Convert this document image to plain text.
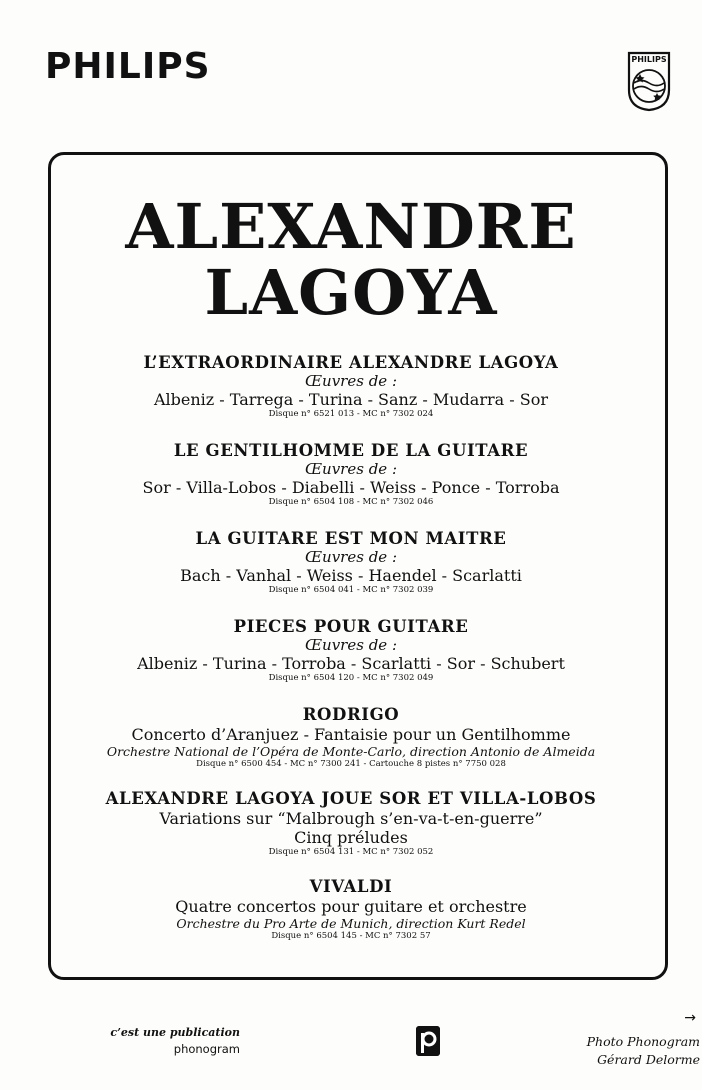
PHILIPS	PHILIPS
ALEXANDRE
LAGOYA
L’EXTRAORDINAIRE ALEXANDRE LAGOYA
Œuvres de :
Albeniz - Tarrega - Turina - Sanz - Mudarra - Sor
Disque n° 6521 013 - MC n° 7302 024
LE GENTILHOMME DE LA GUITARE
Œuvres de :
Sor - Villa-Lobos - Diabelli - Weiss - Ponce - Torroba
Disque n° 6504 108 - MC n° 7302 046
LA GUITARE EST MON MAITRE
Œuvres de :
Bach - Vanhal - Weiss - Haendel - Scarlatti
Disque n° 6504 041 - MC n° 7302 039
PIECES POUR GUITARE
Œuvres de :
Albeniz - Turina - Torroba - Scarlatti - Sor - Schubert
Disque n° 6504 120 - MC n° 7302 049
RODRIGO
Concerto d’Aranjuez - Fantaisie pour un Gentilhomme
Orchestre National de l’Opéra de Monte-Carlo, direction Antonio de Almeida
Disque n° 6500 454 - MC n° 7300 241 - Cartouche 8 pistes n° 7750 028
ALEXANDRE LAGOYA JOUE SOR ET VILLA-LOBOS
Variations sur “Malbrough s’en-va-t-en-guerre”
Cinq préludes
Disque n° 6504 131 - MC n° 7302 052
VIVALDI
Quatre concertos pour guitare et orchestre
Orchestre du Pro Arte de Munich, direction Kurt Redel
Disque n° 6504 145 - MC n° 7302 57
c’est une publication
phonogram
→
Photo Phonogram
Gérard Delorme
